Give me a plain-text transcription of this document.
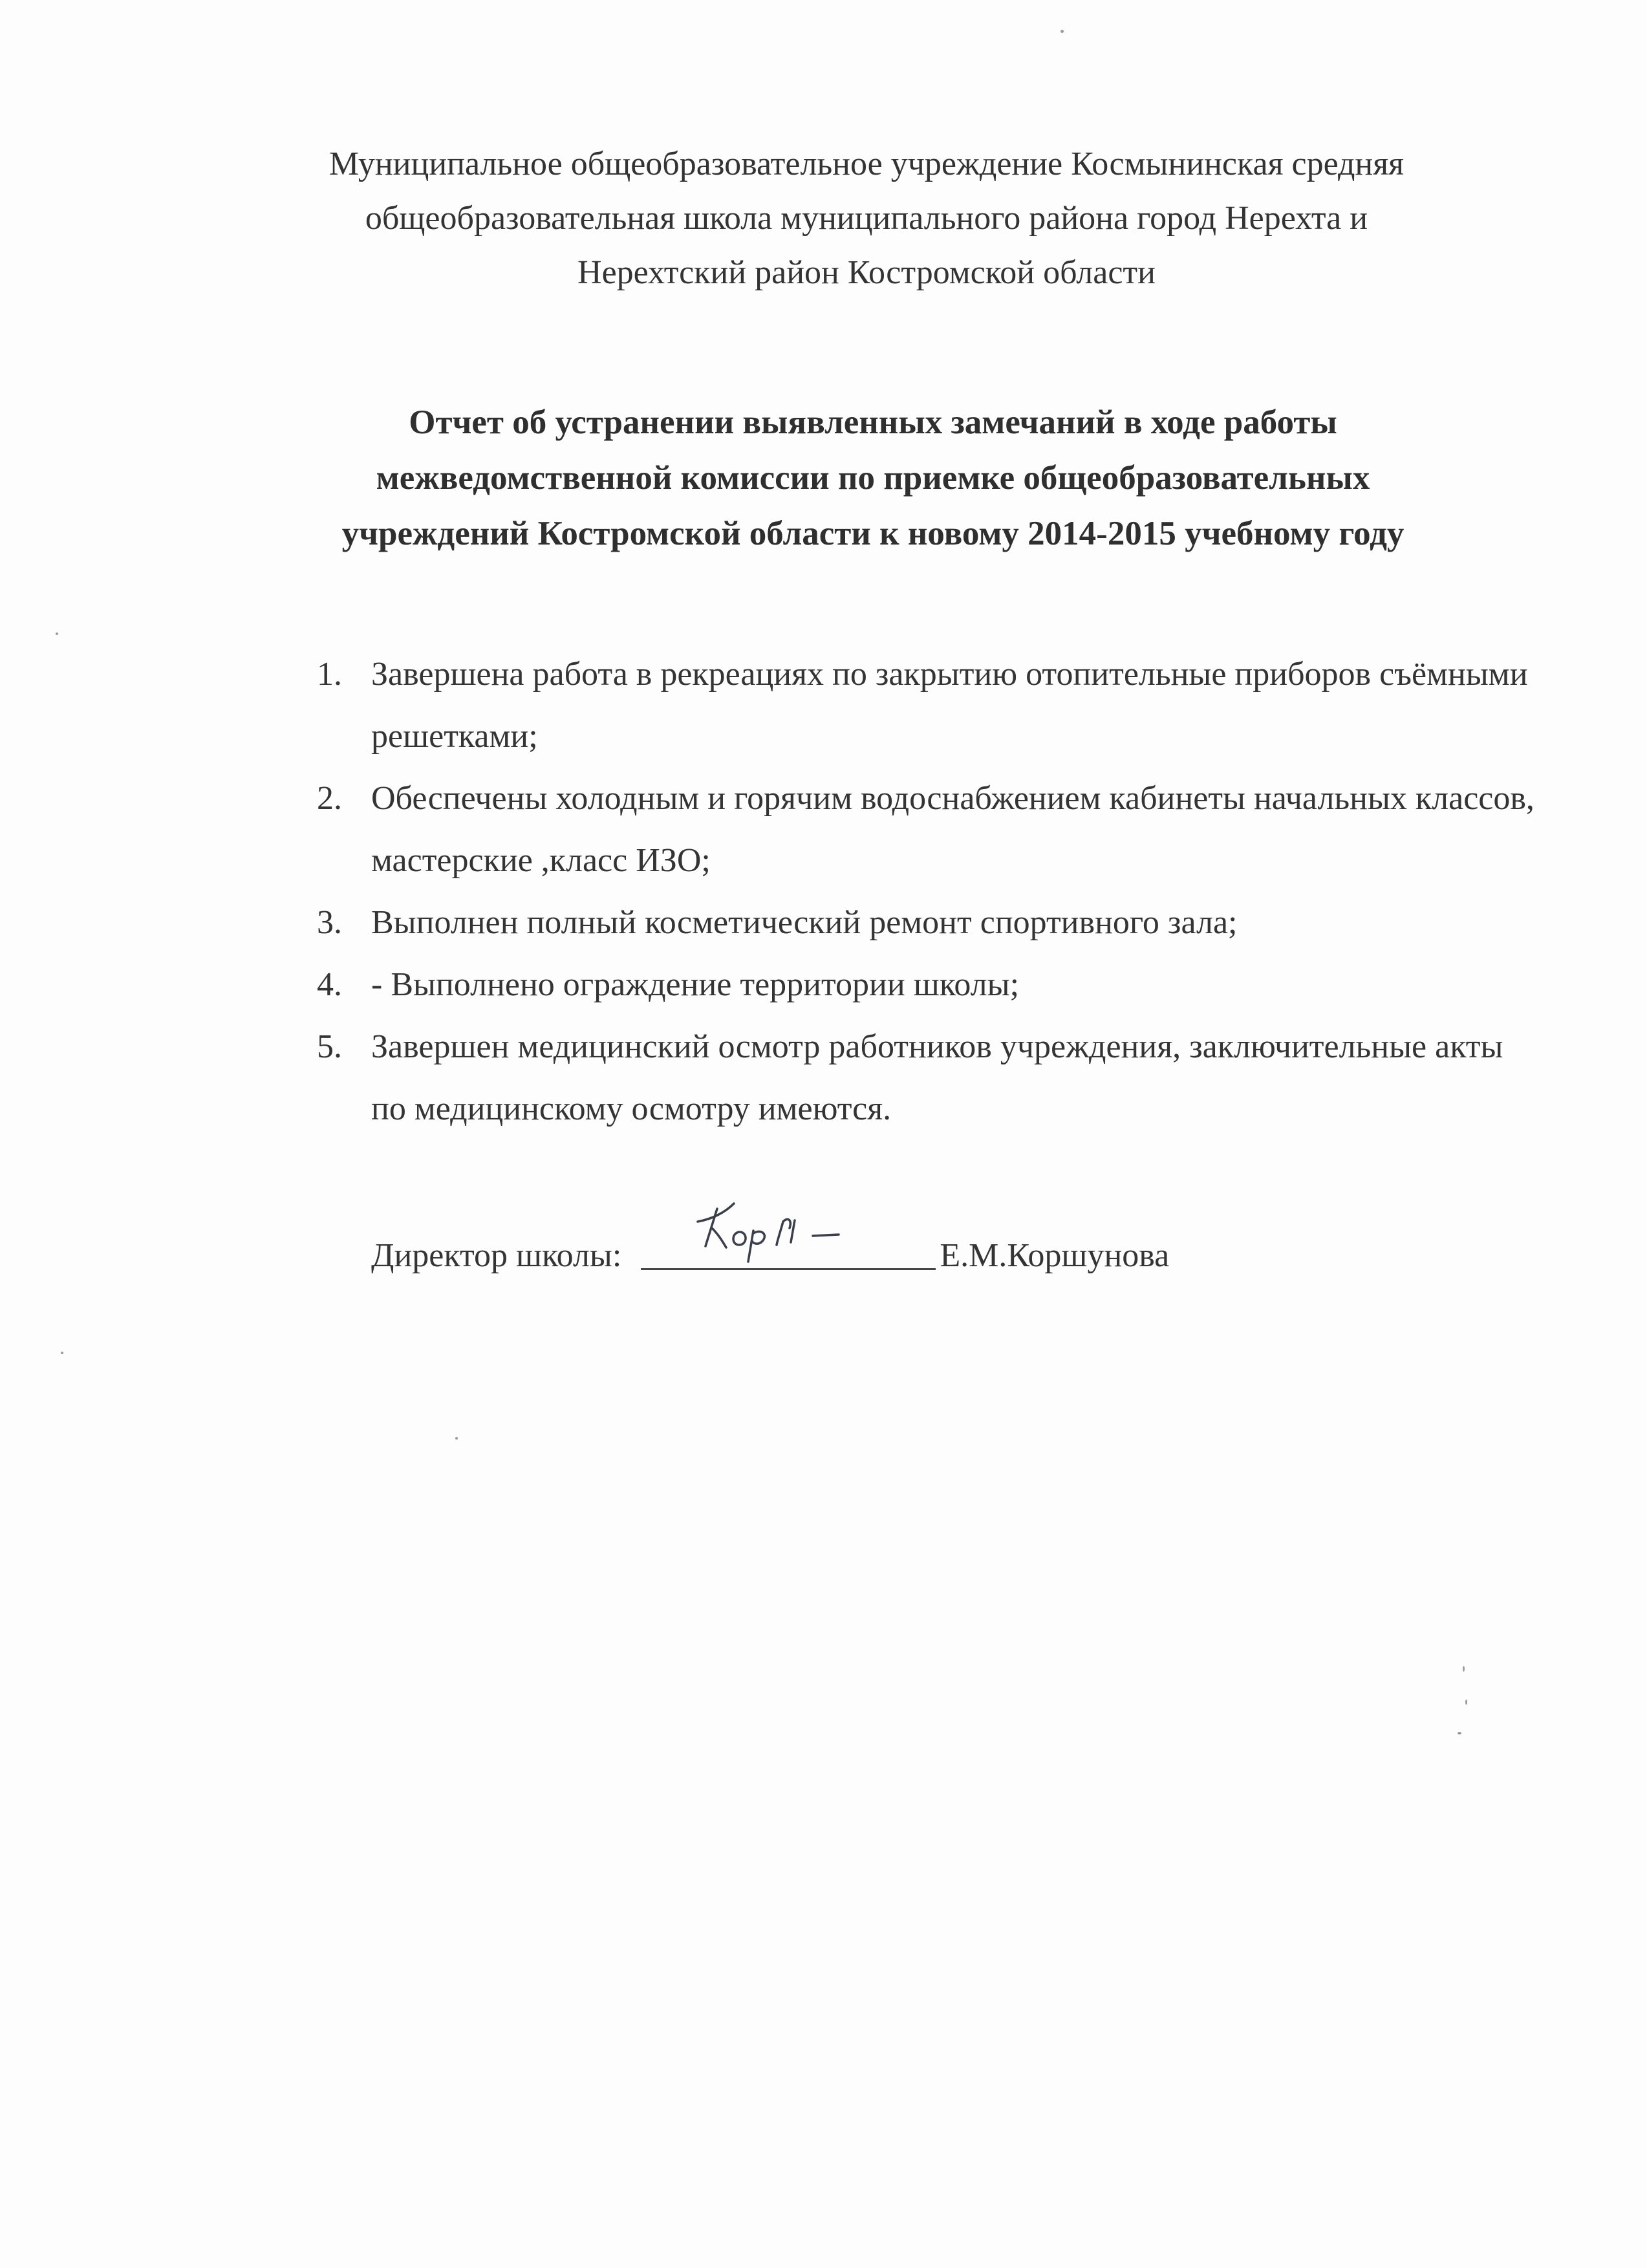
Муниципальное общеобразовательное учреждение Космынинская средняя
общеобразовательная школа муниципального района город Нерехта и
Нерехтский район Костромской области
Отчет об устранении выявленных замечаний в ходе работы
межведомственной комиссии по приемке общеобразовательных
учреждений Костромской области к новому 2014-2015 учебному году
1. Завершена работа в рекреациях по закрытию отопительные приборов съёмными решетками;
2. Обеспечены холодным и горячим водоснабжением кабинеты начальных классов, мастерские ,класс ИЗО;
3. Выполнен полный косметический ремонт спортивного зала;
4. - Выполнено ограждение территории школы;
5. Завершен медицинский осмотр работников учреждения, заключительные акты по медицинскому осмотру имеются.
Директор школы:	Е.М.Коршунова
